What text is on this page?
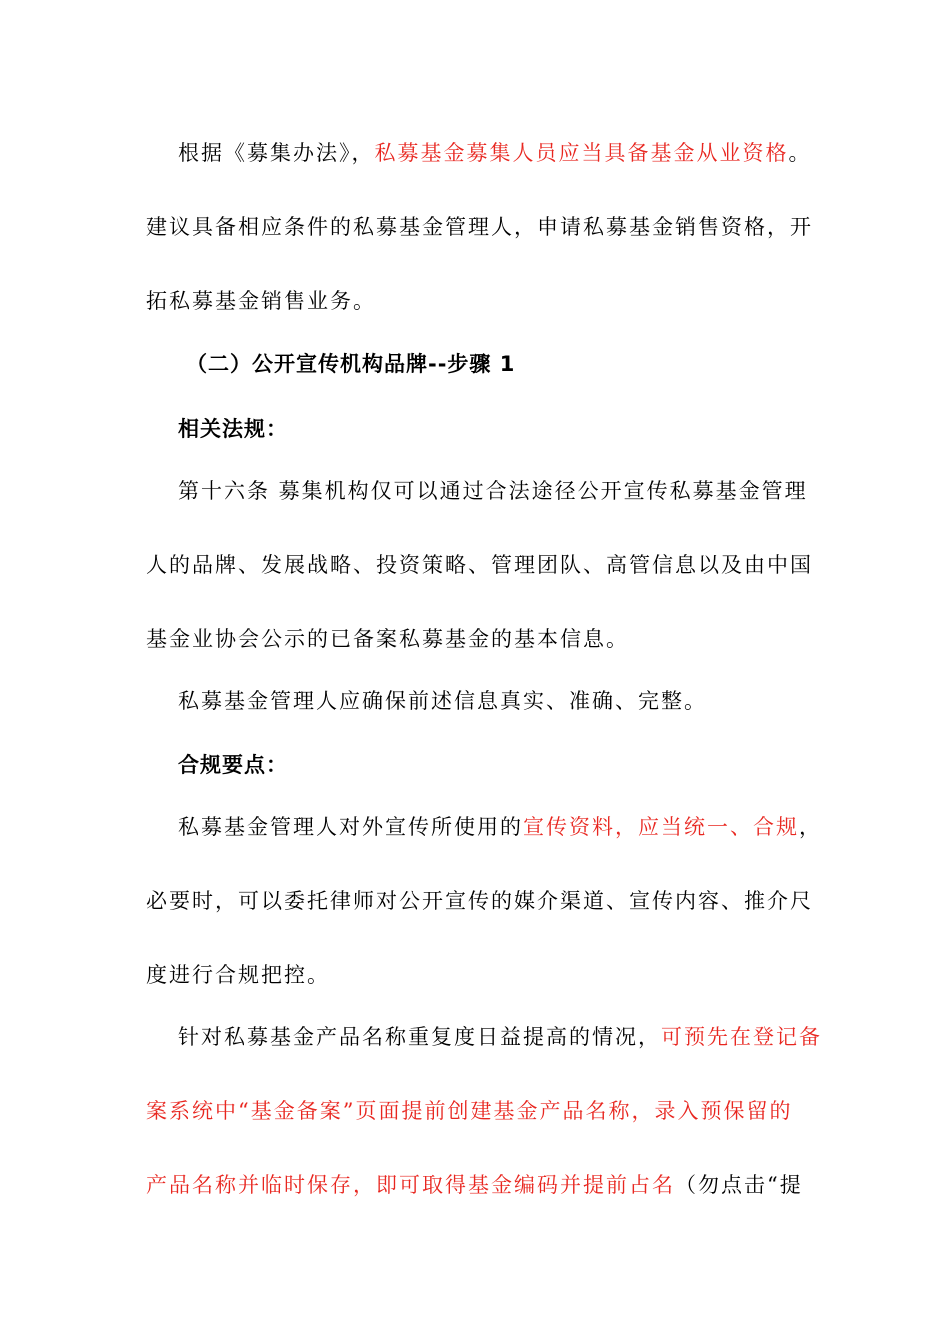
根据《募集办法》，私募基金募集人员应当具备基金从业资格。
建议具备相应条件的私募基金管理人，申请私募基金销售资格，开
拓私募基金销售业务。
（二）公开宣传机构品牌--步骤 1
相关法规：
第十六条 募集机构仅可以通过合法途径公开宣传私募基金管理
人的品牌、发展战略、投资策略、管理团队、高管信息以及由中国
基金业协会公示的已备案私募基金的基本信息。
私募基金管理人应确保前述信息真实、准确、完整。
合规要点：
私募基金管理人对外宣传所使用的宣传资料，应当统一、合规，
必要时，可以委托律师对公开宣传的媒介渠道、宣传内容、推介尺
度进行合规把控。
针对私募基金产品名称重复度日益提高的情况，可预先在登记备
案系统中“基金备案”页面提前创建基金产品名称，录入预保留的
产品名称并临时保存，即可取得基金编码并提前占名（勿点击“提
